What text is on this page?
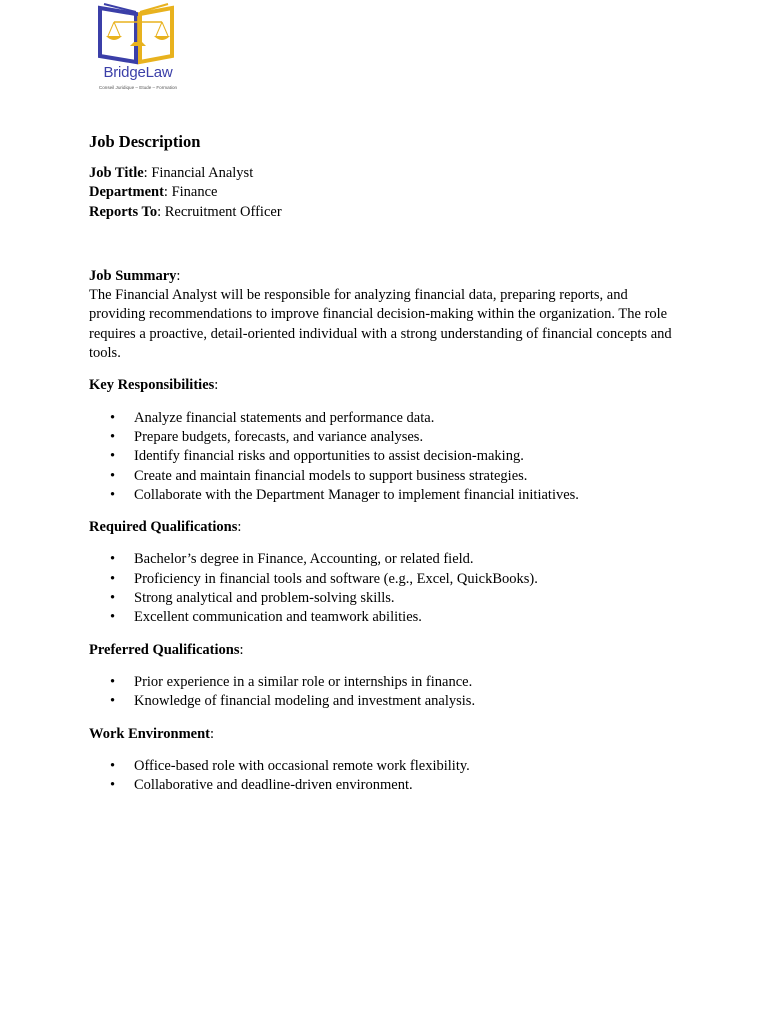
BridgeLaw
Conseil Juridique – Etude – Formation
Job Description

Job Title: Financial Analyst

Department: Finance

Reports To: Recruitment Officer

Job Summary:

The Financial Analyst will be responsible for analyzing financial data, preparing reports, and providing recommendations to improve financial decision-making within the organization. The role requires a proactive, detail-oriented individual with a strong understanding of financial concepts and tools.

Key Responsibilities:

• Analyze financial statements and performance data.
• Prepare budgets, forecasts, and variance analyses.
• Identify financial risks and opportunities to assist decision-making.
• Create and maintain financial models to support business strategies.
• Collaborate with the Department Manager to implement financial initiatives.

Required Qualifications:

• Bachelor’s degree in Finance, Accounting, or related field.
• Proficiency in financial tools and software (e.g., Excel, QuickBooks).
• Strong analytical and problem-solving skills.
• Excellent communication and teamwork abilities.

Preferred Qualifications:

• Prior experience in a similar role or internships in finance.
• Knowledge of financial modeling and investment analysis.

Work Environment:

• Office-based role with occasional remote work flexibility.
• Collaborative and deadline-driven environment.
